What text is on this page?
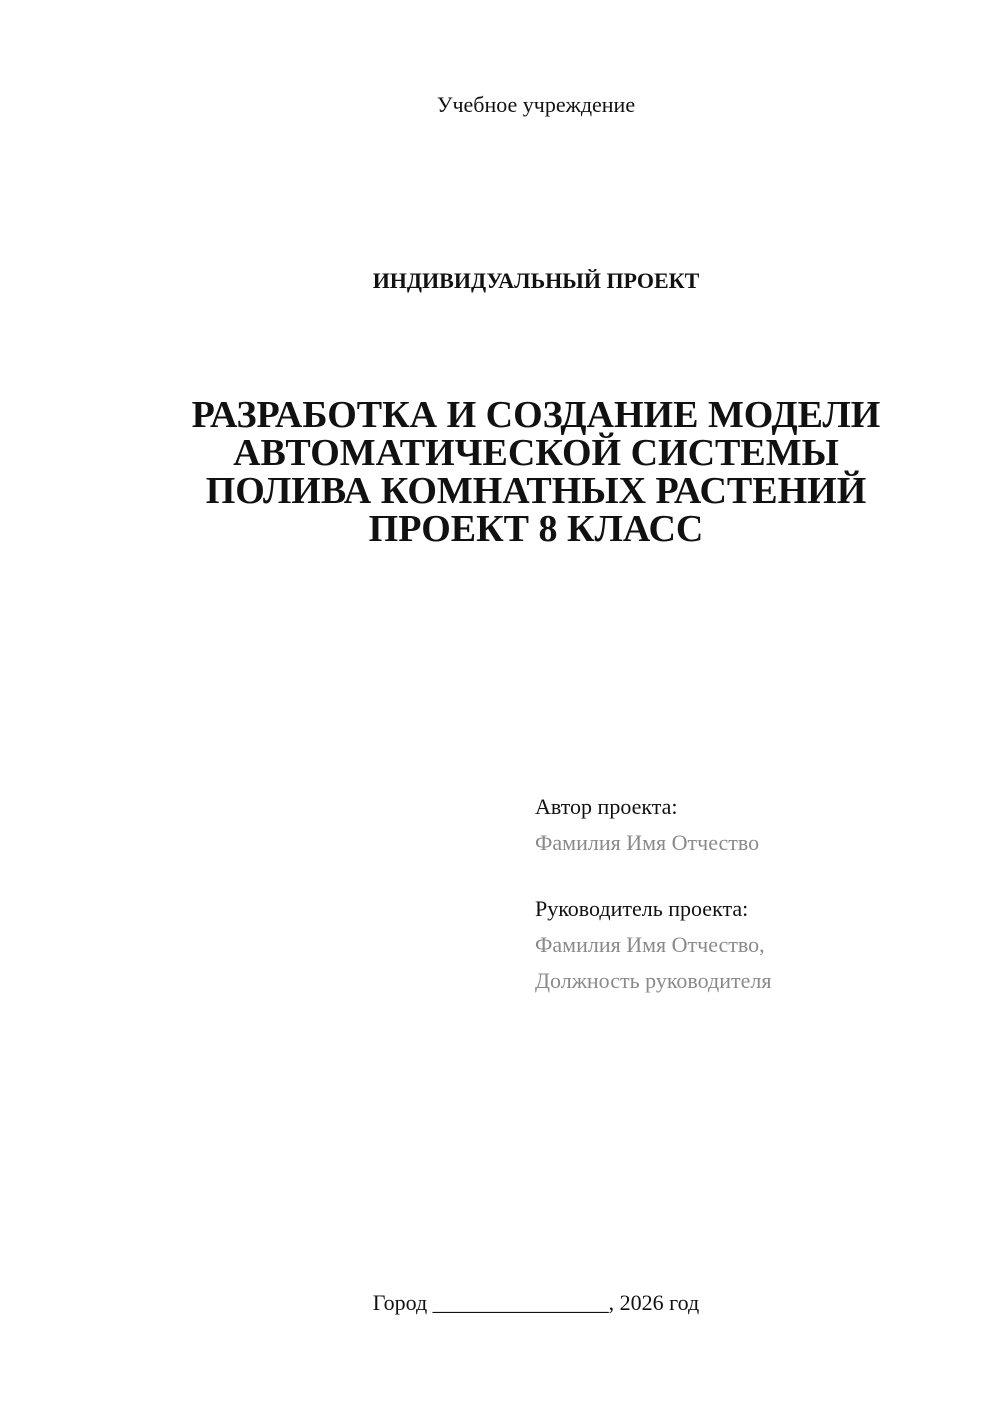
Учебное учреждение
ИНДИВИДУАЛЬНЫЙ ПРОЕКТ
РАЗРАБОТКА И СОЗДАНИЕ МОДЕЛИ
АВТОМАТИЧЕСКОЙ СИСТЕМЫ
ПОЛИВА КОМНАТНЫХ РАСТЕНИЙ
ПРОЕКТ 8 КЛАСС
Автор проекта:
Фамилия Имя Отчество
Руководитель проекта:
Фамилия Имя Отчество,
Должность руководителя
Город ________________, 2026 год
